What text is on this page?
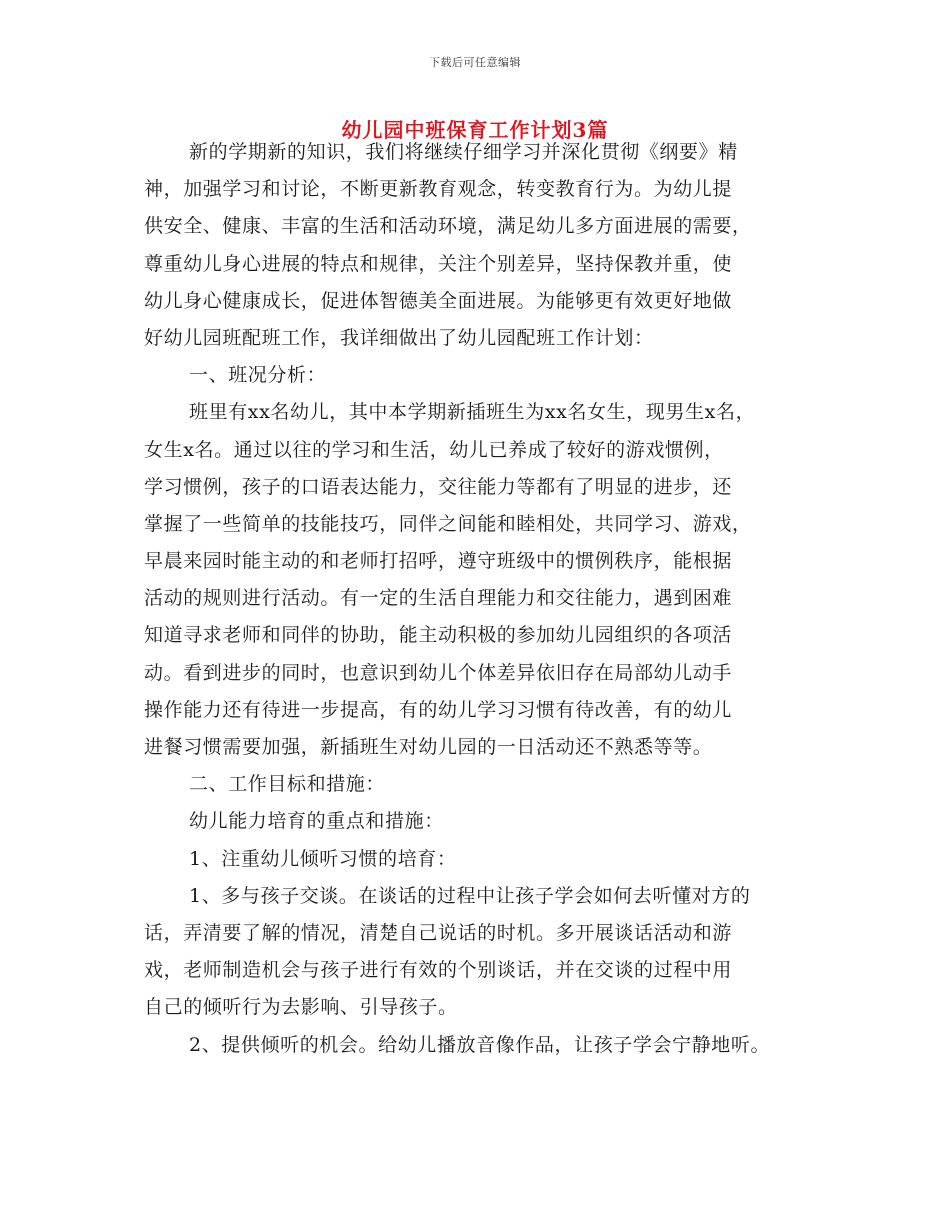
下载后可任意编辑
幼儿园中班保育工作计划3篇
新的学期新的知识，我们将继续仔细学习并深化贯彻《纲要》精
神，加强学习和讨论，不断更新教育观念，转变教育行为。为幼儿提
供安全、健康、丰富的生活和活动环境，满足幼儿多方面进展的需要，
尊重幼儿身心进展的特点和规律，关注个别差异，坚持保教并重，使
幼儿身心健康成长，促进体智德美全面进展。为能够更有效更好地做
好幼儿园班配班工作，我详细做出了幼儿园配班工作计划：
一、班况分析：
班里有xx名幼儿，其中本学期新插班生为xx名女生，现男生x名，
女生x名。通过以往的学习和生活，幼儿已养成了较好的游戏惯例，
学习惯例，孩子的口语表达能力，交往能力等都有了明显的进步，还
掌握了一些简单的技能技巧，同伴之间能和睦相处，共同学习、游戏，
早晨来园时能主动的和老师打招呼，遵守班级中的惯例秩序，能根据
活动的规则进行活动。有一定的生活自理能力和交往能力，遇到困难
知道寻求老师和同伴的协助，能主动积极的参加幼儿园组织的各项活
动。看到进步的同时，也意识到幼儿个体差异依旧存在局部幼儿动手
操作能力还有待进一步提高，有的幼儿学习习惯有待改善，有的幼儿
进餐习惯需要加强，新插班生对幼儿园的一日活动还不熟悉等等。
二、工作目标和措施：
幼儿能力培育的重点和措施：
1、注重幼儿倾听习惯的培育：
1、多与孩子交谈。在谈话的过程中让孩子学会如何去听懂对方的
话，弄清要了解的情况，清楚自己说话的时机。多开展谈话活动和游
戏，老师制造机会与孩子进行有效的个别谈话，并在交谈的过程中用
自己的倾听行为去影响、引导孩子。
2、提供倾听的机会。给幼儿播放音像作品，让孩子学会宁静地听。
